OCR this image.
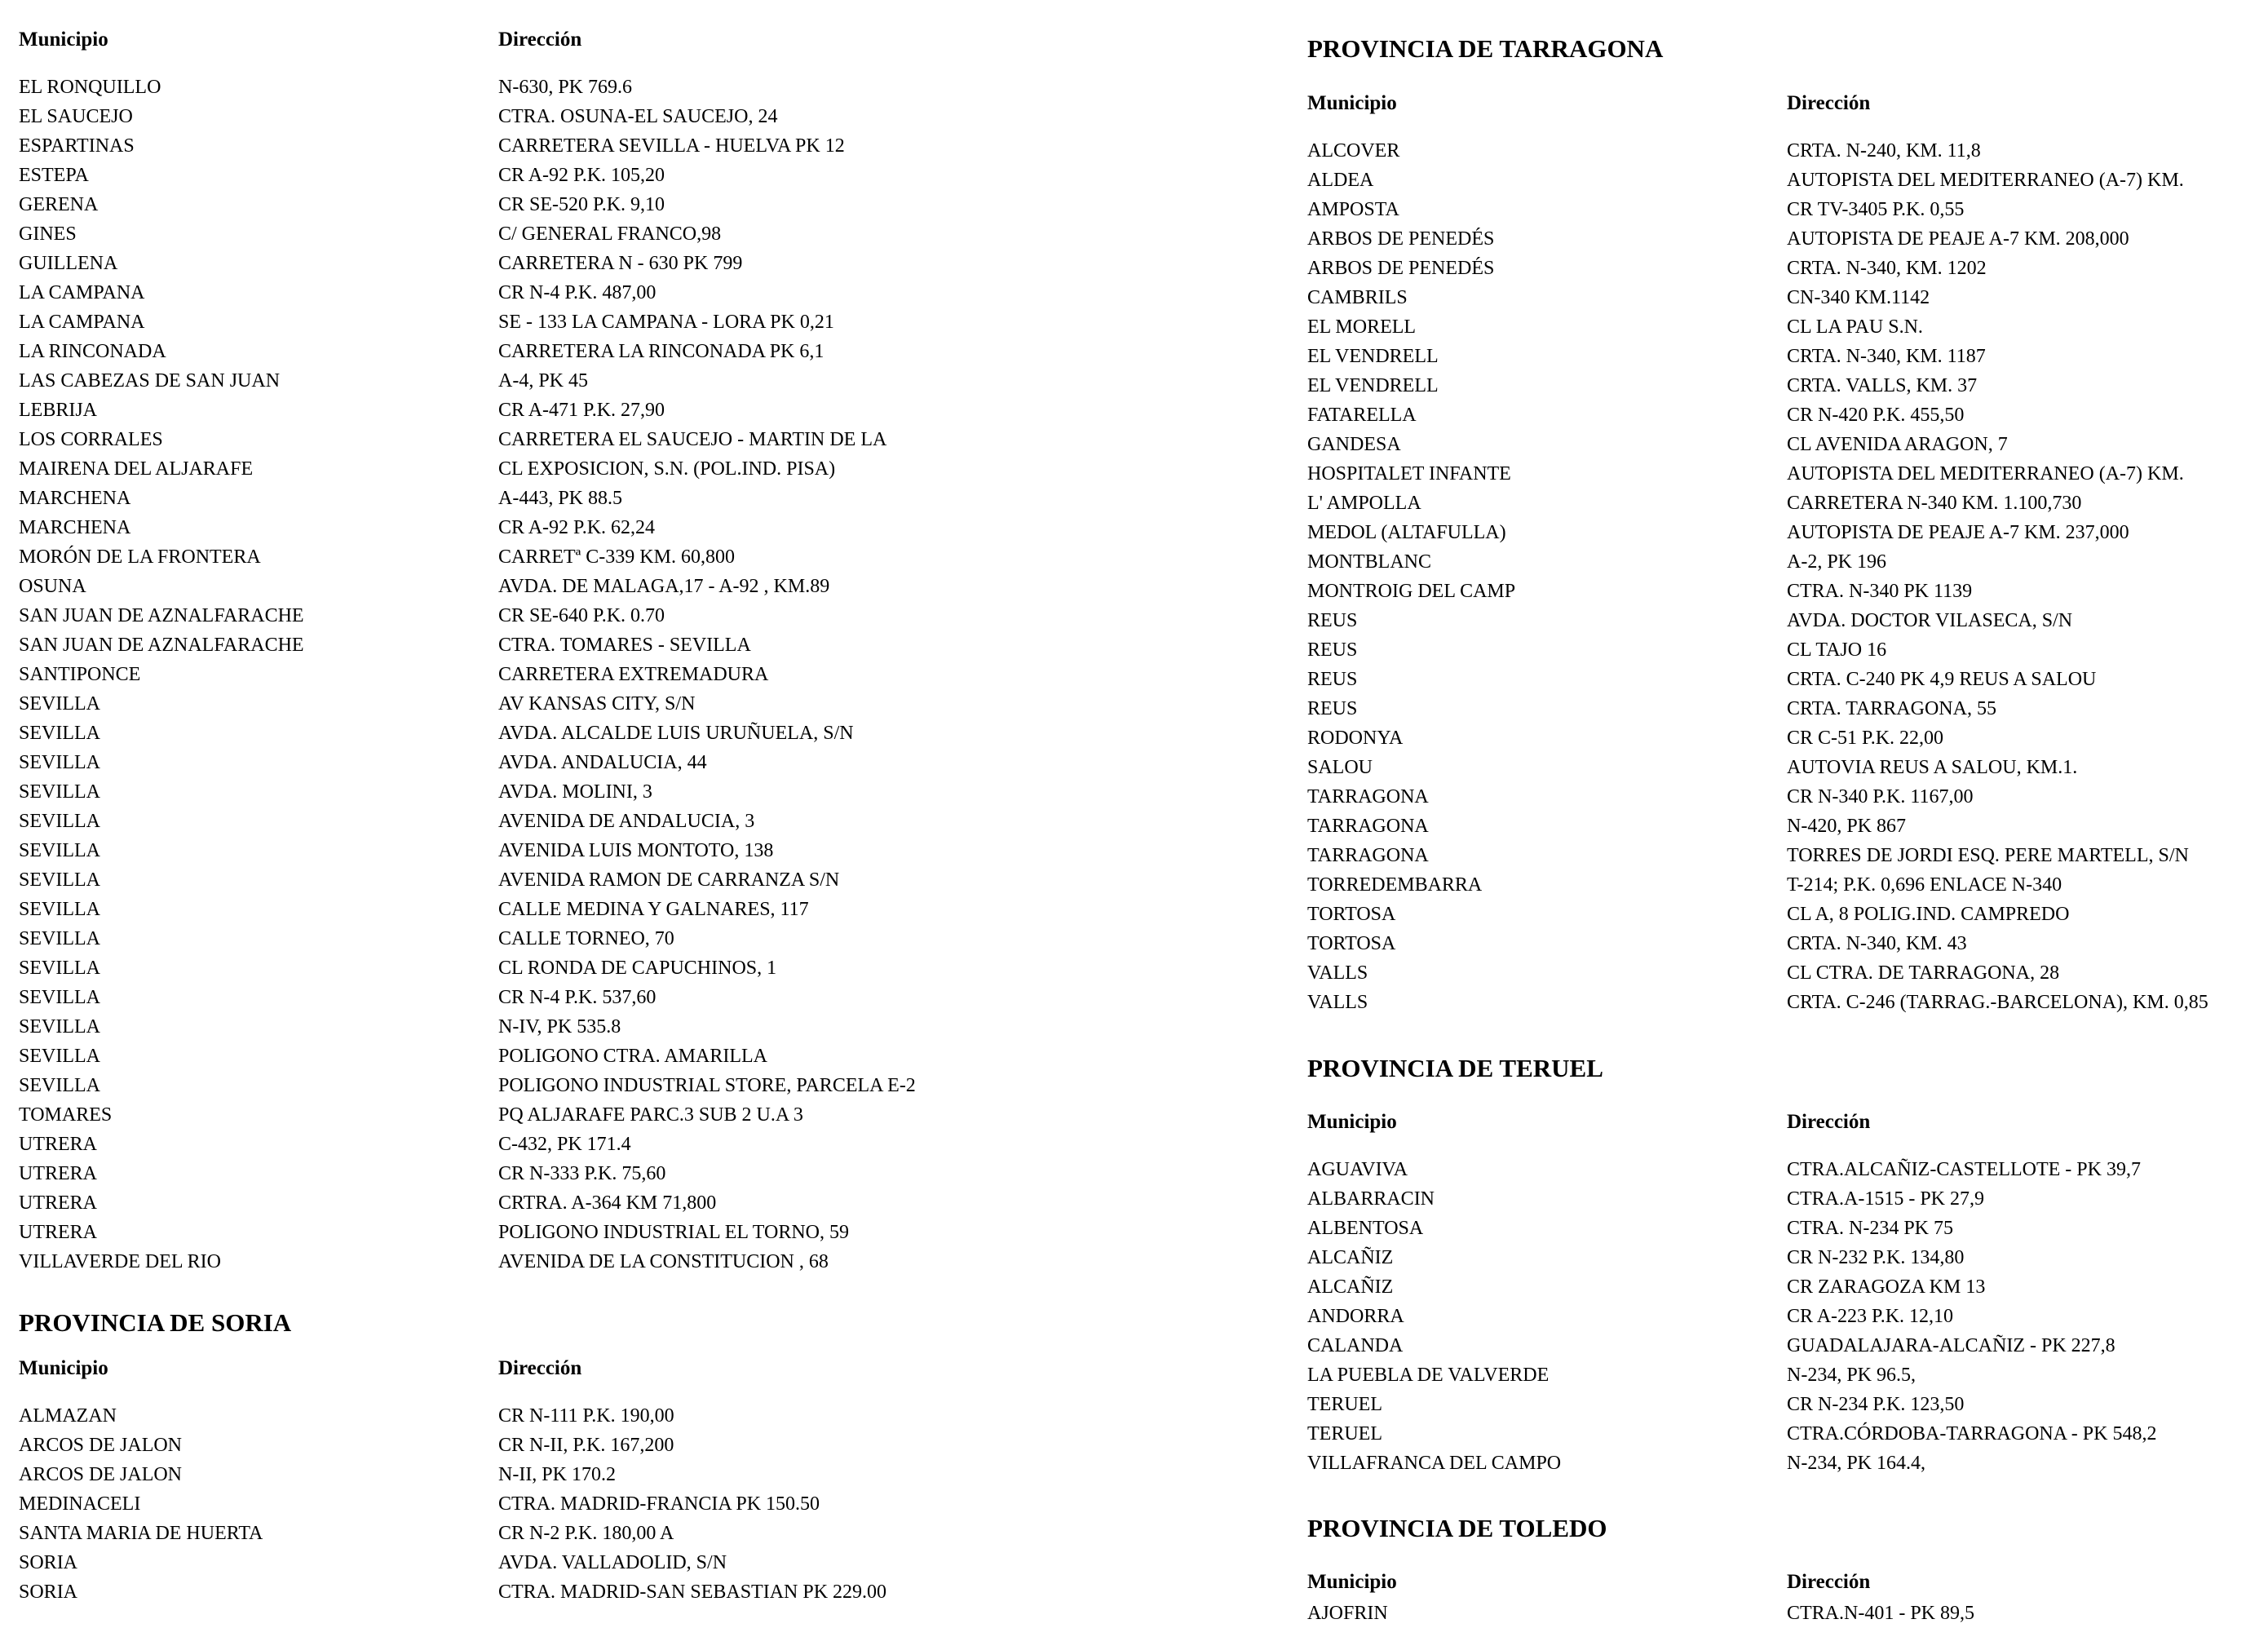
Municipio	Dirección
EL RONQUILLO	N-630, PK 769.6
EL SAUCEJO	CTRA. OSUNA-EL SAUCEJO, 24
ESPARTINAS	CARRETERA SEVILLA - HUELVA PK 12
ESTEPA	CR A-92 P.K. 105,20
GERENA	CR SE-520 P.K. 9,10
GINES	C/ GENERAL FRANCO,98
GUILLENA	CARRETERA N - 630 PK 799
LA CAMPANA	CR N-4 P.K. 487,00
LA CAMPANA	SE - 133 LA CAMPANA - LORA PK 0,21
LA RINCONADA	CARRETERA LA RINCONADA PK 6,1
LAS CABEZAS DE SAN JUAN	A-4, PK 45
LEBRIJA	CR A-471 P.K. 27,90
LOS CORRALES	CARRETERA EL SAUCEJO - MARTIN DE LA
MAIRENA DEL ALJARAFE	CL EXPOSICION, S.N. (POL.IND. PISA)
MARCHENA	A-443, PK 88.5
MARCHENA	CR A-92 P.K. 62,24
MORÓN DE LA FRONTERA	CARRETª C-339 KM. 60,800
OSUNA	AVDA. DE MALAGA,17 - A-92 , KM.89
SAN JUAN DE AZNALFARACHE	CR SE-640 P.K. 0.70
SAN JUAN DE AZNALFARACHE	CTRA. TOMARES - SEVILLA
SANTIPONCE	CARRETERA EXTREMADURA
SEVILLA	AV KANSAS CITY, S/N
SEVILLA	AVDA. ALCALDE LUIS URUÑUELA, S/N
SEVILLA	AVDA. ANDALUCIA, 44
SEVILLA	AVDA. MOLINI, 3
SEVILLA	AVENIDA DE ANDALUCIA, 3
SEVILLA	AVENIDA LUIS MONTOTO, 138
SEVILLA	AVENIDA RAMON DE CARRANZA S/N
SEVILLA	CALLE MEDINA Y GALNARES, 117
SEVILLA	CALLE TORNEO, 70
SEVILLA	CL RONDA DE CAPUCHINOS, 1
SEVILLA	CR N-4 P.K. 537,60
SEVILLA	N-IV, PK 535.8
SEVILLA	POLIGONO CTRA. AMARILLA
SEVILLA	POLIGONO INDUSTRIAL STORE, PARCELA E-2
TOMARES	PQ ALJARAFE PARC.3 SUB 2 U.A 3
UTRERA	C-432, PK 171.4
UTRERA	CR N-333 P.K. 75,60
UTRERA	CRTRA. A-364 KM 71,800
UTRERA	POLIGONO INDUSTRIAL EL TORNO, 59
VILLAVERDE DEL RIO	AVENIDA DE LA CONSTITUCION , 68
PROVINCIA DE SORIA
Municipio	Dirección
ALMAZAN	CR N-111 P.K. 190,00
ARCOS DE JALON	CR N-II, P.K. 167,200
ARCOS DE JALON	N-II, PK 170.2
MEDINACELI	CTRA. MADRID-FRANCIA PK 150.50
SANTA MARIA DE HUERTA	CR N-2 P.K. 180,00 A
SORIA	AVDA. VALLADOLID, S/N
SORIA	CTRA. MADRID-SAN SEBASTIAN PK 229.00
PROVINCIA DE TARRAGONA
Municipio	Dirección
ALCOVER	CRTA. N-240, KM. 11,8
ALDEA	AUTOPISTA DEL MEDITERRANEO (A-7) KM.
AMPOSTA	CR TV-3405 P.K. 0,55
ARBOS DE PENEDÉS	AUTOPISTA DE PEAJE A-7 KM. 208,000
ARBOS DE PENEDÉS	CRTA. N-340, KM. 1202
CAMBRILS	CN-340 KM.1142
EL MORELL	CL LA PAU S.N.
EL VENDRELL	CRTA. N-340, KM. 1187
EL VENDRELL	CRTA. VALLS, KM. 37
FATARELLA	CR N-420 P.K. 455,50
GANDESA	CL AVENIDA ARAGON, 7
HOSPITALET INFANTE	AUTOPISTA DEL MEDITERRANEO (A-7) KM.
L' AMPOLLA	CARRETERA N-340 KM. 1.100,730
MEDOL (ALTAFULLA)	AUTOPISTA DE PEAJE A-7 KM. 237,000
MONTBLANC	A-2, PK 196
MONTROIG DEL CAMP	CTRA. N-340 PK 1139
REUS	AVDA. DOCTOR VILASECA, S/N
REUS	CL TAJO 16
REUS	CRTA. C-240 PK 4,9 REUS A SALOU
REUS	CRTA. TARRAGONA, 55
RODONYA	CR C-51 P.K. 22,00
SALOU	AUTOVIA REUS A SALOU, KM.1.
TARRAGONA	CR N-340 P.K. 1167,00
TARRAGONA	N-420, PK 867
TARRAGONA	TORRES DE JORDI ESQ. PERE MARTELL, S/N
TORREDEMBARRA	T-214; P.K. 0,696 ENLACE N-340
TORTOSA	CL A, 8 POLIG.IND. CAMPREDO
TORTOSA	CRTA. N-340, KM. 43
VALLS	CL CTRA. DE TARRAGONA, 28
VALLS	CRTA. C-246 (TARRAG.-BARCELONA), KM. 0,85
PROVINCIA DE TERUEL
Municipio	Dirección
AGUAVIVA	CTRA.ALCAÑIZ-CASTELLOTE - PK 39,7
ALBARRACIN	CTRA.A-1515 - PK 27,9
ALBENTOSA	CTRA. N-234 PK 75
ALCAÑIZ	CR N-232 P.K. 134,80
ALCAÑIZ	CR ZARAGOZA KM 13
ANDORRA	CR A-223 P.K. 12,10
CALANDA	GUADALAJARA-ALCAÑIZ - PK 227,8
LA PUEBLA DE VALVERDE	N-234, PK 96.5,
TERUEL	CR N-234 P.K. 123,50
TERUEL	CTRA.CÓRDOBA-TARRAGONA - PK 548,2
VILLAFRANCA DEL CAMPO	N-234, PK 164.4,
PROVINCIA DE TOLEDO
Municipio	Dirección
AJOFRIN	CTRA.N-401 - PK 89,5
